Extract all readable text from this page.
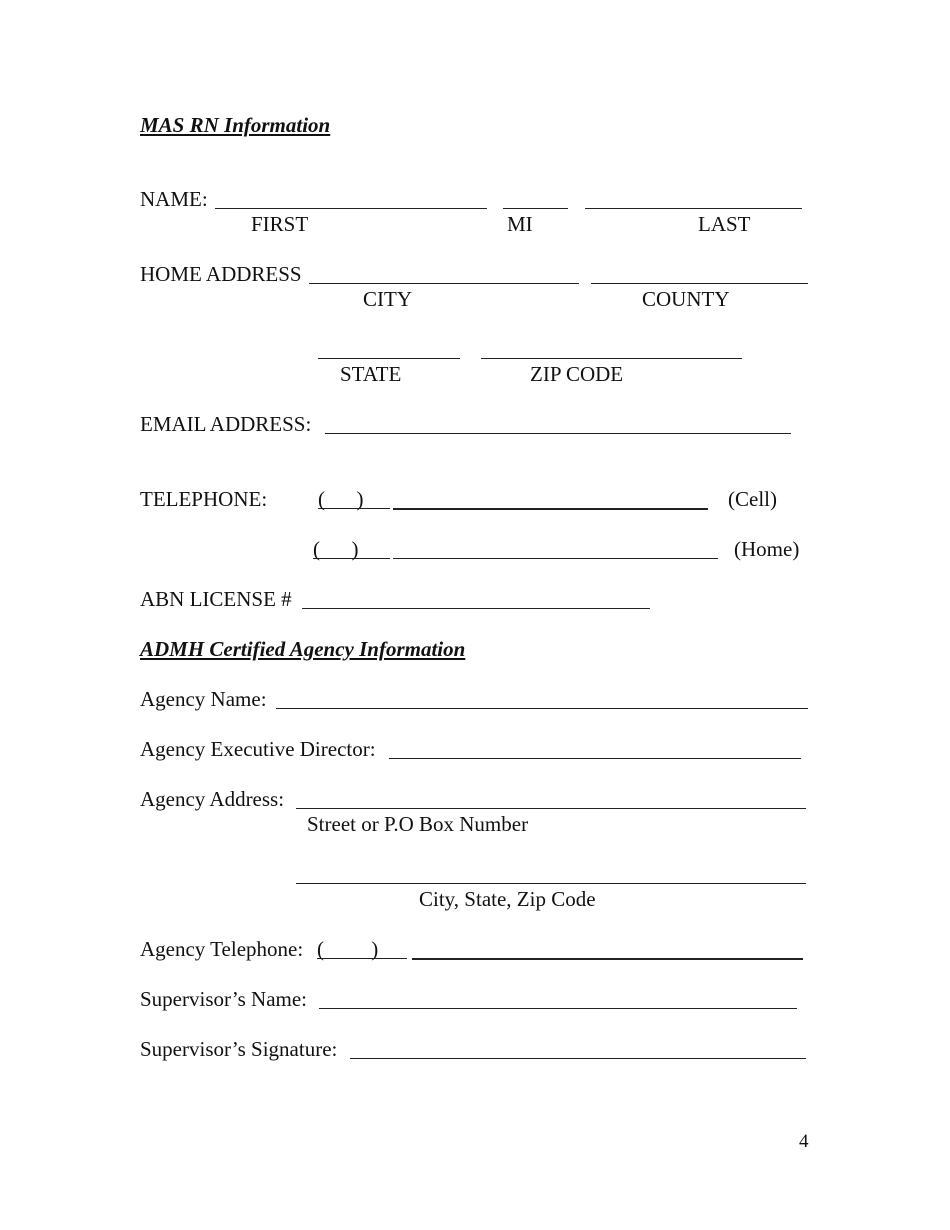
MAS RN Information
NAME:
FIRST	MI	LAST
HOME ADDRESS
CITY	COUNTY
STATE	ZIP CODE
EMAIL ADDRESS:
TELEPHONE: (      )	(Cell)
(      )	(Home)
ABN LICENSE #
ADMH Certified Agency Information
Agency Name:
Agency Executive Director:
Agency Address:
Street or P.O Box Number
City, State, Zip Code
Agency Telephone: (         )
Supervisor’s Name:
Supervisor’s Signature:
4
